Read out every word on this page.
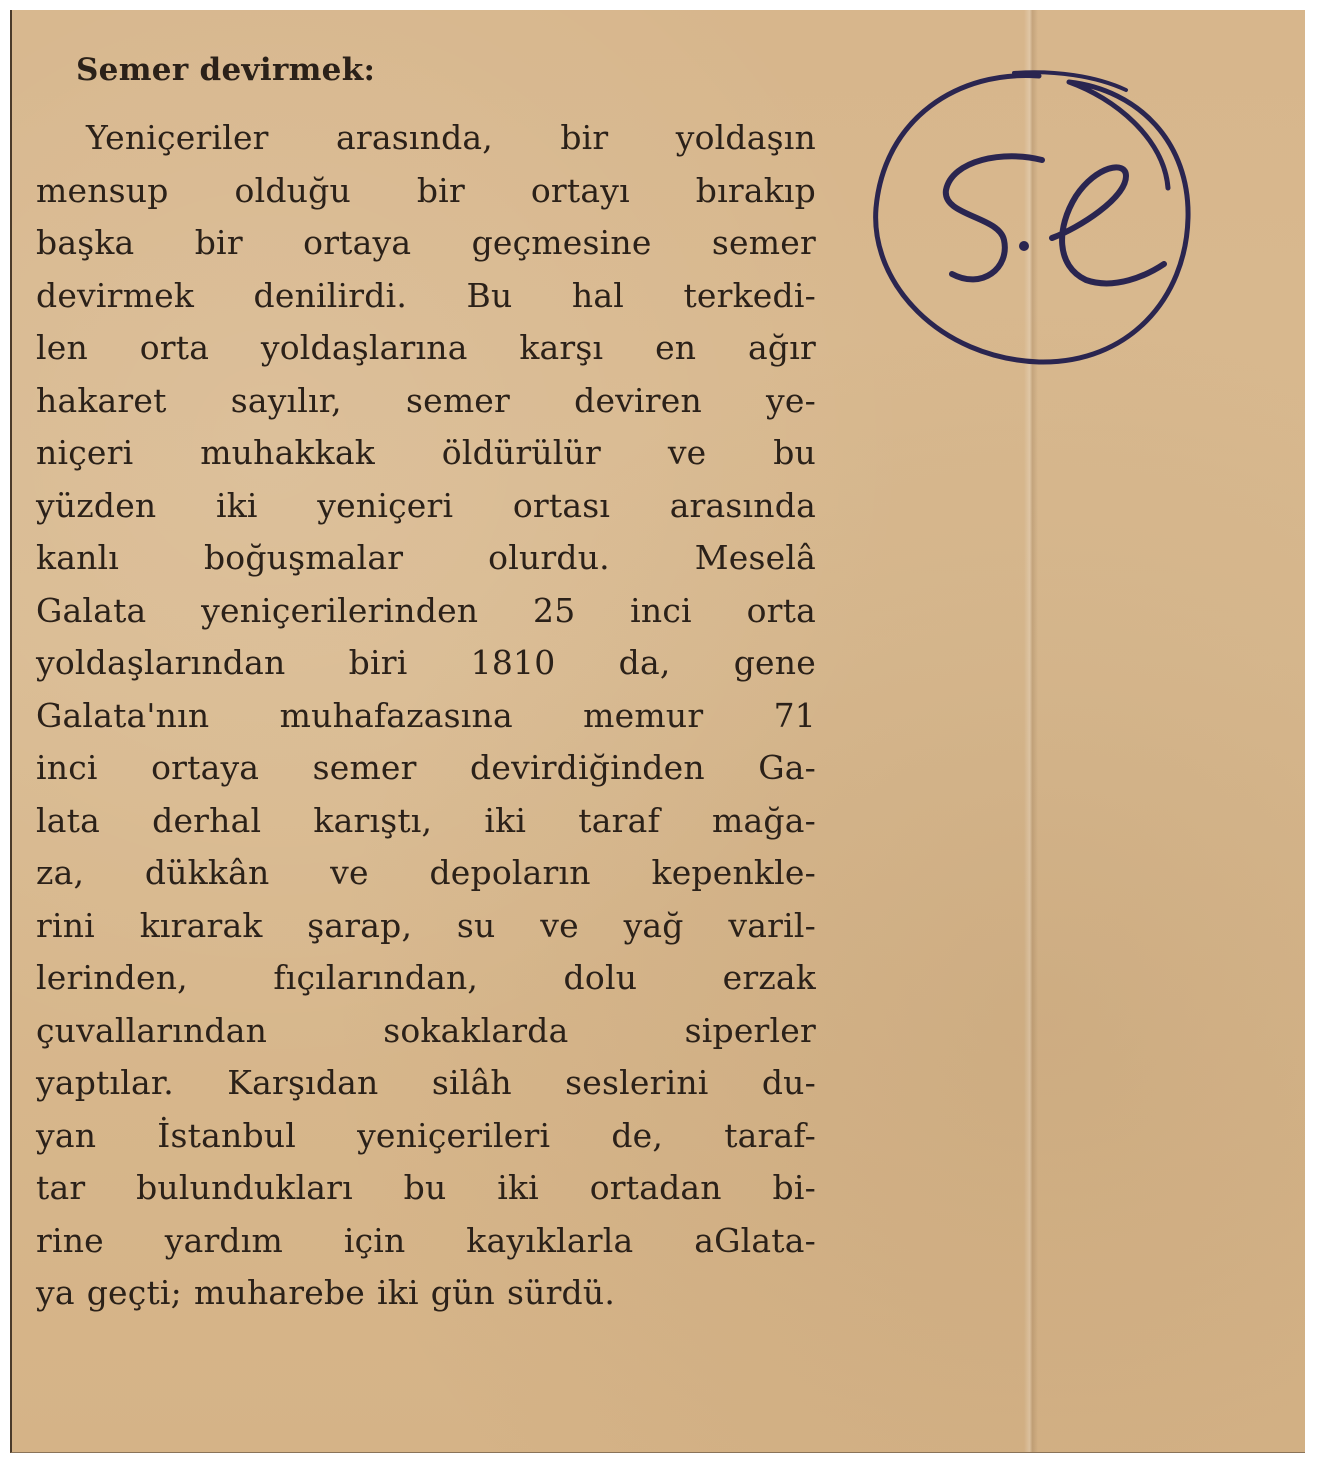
Semer devirmek:
Yeniçeriler arasında, bir yoldaşın
mensup olduğu bir ortayı bırakıp
başka bir ortaya geçmesine semer
devirmek denilirdi. Bu hal terkedi-
len orta yoldaşlarına karşı en ağır
hakaret sayılır, semer deviren ye-
niçeri muhakkak öldürülür ve bu
yüzden iki yeniçeri ortası arasında
kanlı	boğuşmalar	olurdu.	Meselâ
Galata yeniçerilerinden 25 inci orta
yoldaşlarından biri 1810 da, gene
Galata'nın muhafazasına memur 71
inci ortaya semer devirdiğinden Ga-
lata derhal karıştı, iki taraf mağa-
za, dükkân ve depoların kepenkle-
rini kırarak şarap, su ve yağ varil-
lerinden,	fıçılarından,	dolu	erzak
çuvallarından	sokaklarda	siperler
yaptılar. Karşıdan silâh seslerini du-
yan İstanbul yeniçerileri de, taraf-
tar bulundukları bu iki ortadan bi-
rine yardım için kayıklarla aGlata-
ya geçti; muharebe iki gün sürdü.
